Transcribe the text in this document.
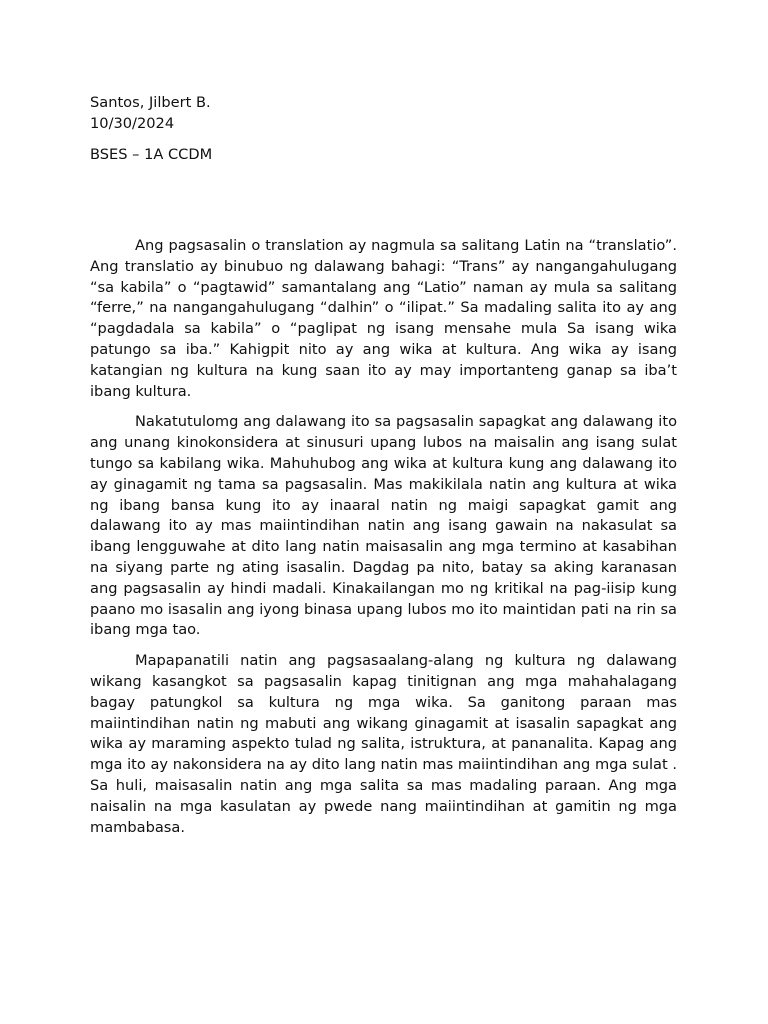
Santos, Jilbert B.
10/30/2024
BSES – 1A CCDM

Ang pagsasalin o translation ay nagmula sa salitang Latin na “translatio”. Ang translatio ay binubuo ng dalawang bahagi: “Trans” ay nangangahulugang “sa kabila” o “pagtawid” samantalang ang “Latio” naman ay mula sa salitang “ferre,” na nangangahulugang “dalhin” o “ilipat.” Sa madaling salita ito ay ang “pagdadala sa kabila” o “paglipat ng isang mensahe mula Sa isang wika patungo sa iba.” Kahigpit nito ay ang wika at kultura. Ang wika ay isang katangian ng kultura na kung saan ito ay may importanteng ganap sa iba’t ibang kultura.

Nakatutulomg ang dalawang ito sa pagsasalin sapagkat ang dalawang ito ang unang kinokonsidera at sinusuri upang lubos na maisalin ang isang sulat tungo sa kabilang wika. Mahuhubog ang wika at kultura kung ang dalawang ito ay ginagamit ng tama sa pagsasalin. Mas makikilala natin ang kultura at wika ng ibang bansa kung ito ay inaaral natin ng maigi sapagkat gamit ang dalawang ito ay mas maiintindihan natin ang isang gawain na nakasulat sa ibang lengguwahe at dito lang natin maisasalin ang mga termino at kasabihan na siyang parte ng ating isasalin. Dagdag pa nito, batay sa aking karanasan ang pagsasalin ay hindi madali. Kinakailangan mo ng kritikal na pag-iisip kung paano mo isasalin ang iyong binasa upang lubos mo ito maintidan pati na rin sa ibang mga tao.

Mapapanatili natin ang pagsasaalang-alang ng kultura ng dalawang wikang kasangkot sa pagsasalin kapag tinitignan ang mga mahahalagang bagay patungkol sa kultura ng mga wika. Sa ganitong paraan mas maiintindihan natin ng mabuti ang wikang ginagamit at isasalin sapagkat ang wika ay maraming aspekto tulad ng salita, istruktura, at pananalita. Kapag ang mga ito ay nakonsidera na ay dito lang natin mas maiintindihan ang mga sulat . Sa huli, maisasalin natin ang mga salita sa mas madaling paraan. Ang mga naisalin na mga kasulatan ay pwede nang maiintindihan at gamitin ng mga mambabasa.
